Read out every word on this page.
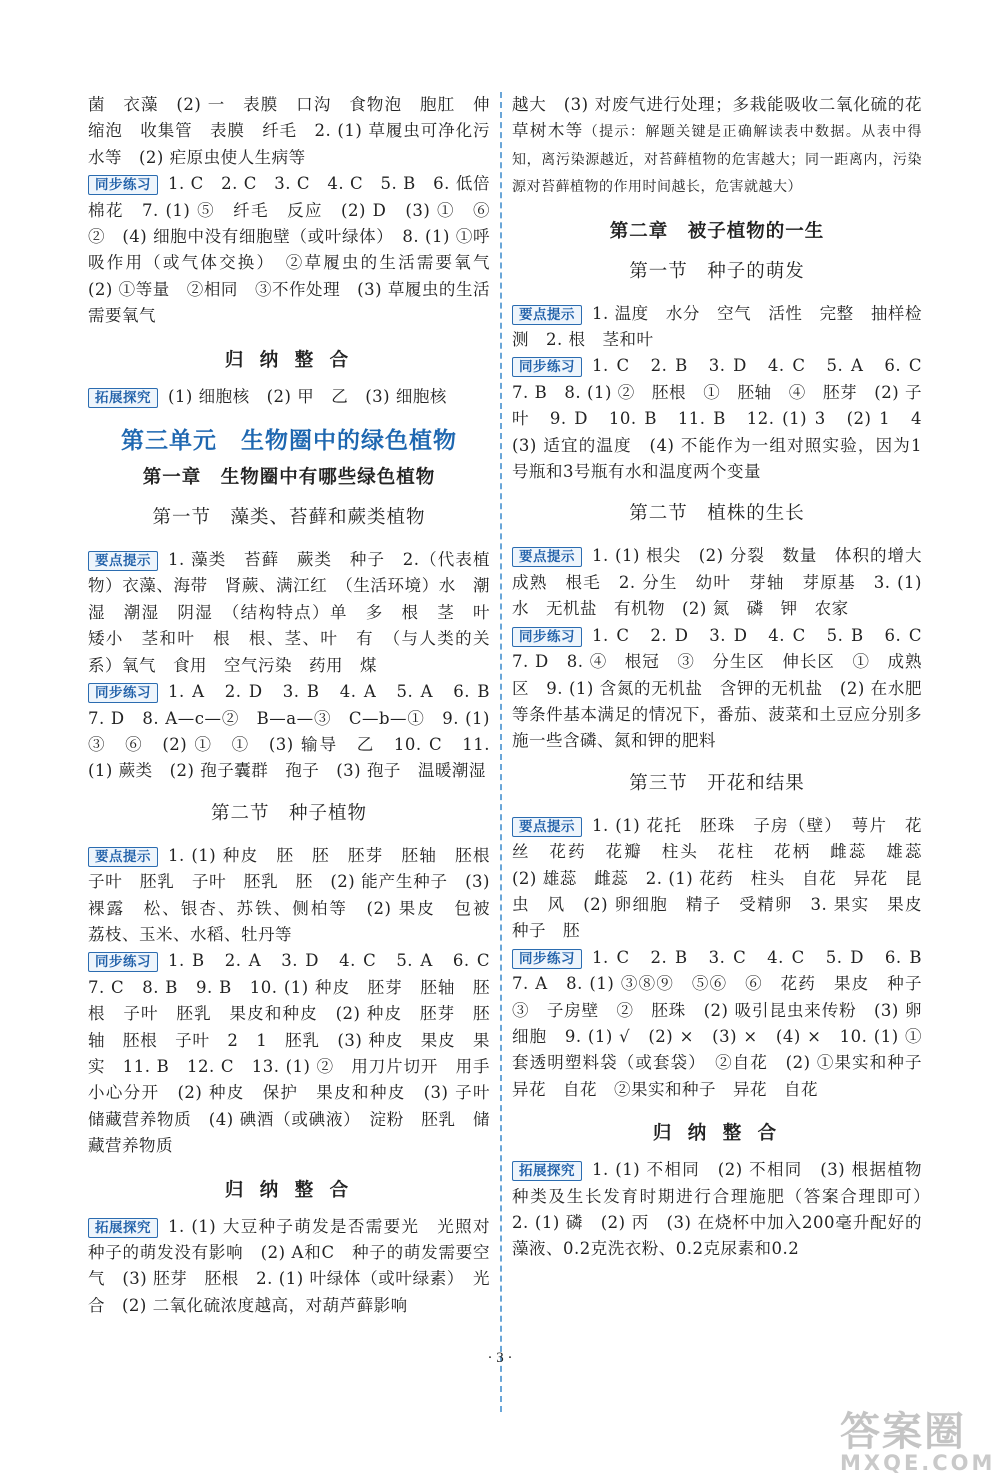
菌　衣藻　(2) 一　表膜　口沟　食物泡　胞肛　伸缩泡　收集管　表膜　纤毛　2. (1) 草履虫可净化污水等　(2) 疟原虫使人生病等

同步练习 1. C　2. C　3. C　4. C　5. B　6. 低倍　棉花　7. (1) ⑤　纤毛　反应　(2) D　(3) ①　⑥　②　(4) 细胞中没有细胞壁（或叶绿体）　8. (1) ①呼吸作用（或气体交换）　②草履虫的生活需要氧气　(2) ①等量　②相同　③不作处理　(3) 草履虫的生活需要氧气

归 纳 整 合

拓展探究 (1) 细胞核　(2) 甲　乙　(3) 细胞核

第三单元　生物圈中的绿色植物
第一章　生物圈中有哪些绿色植物
第一节　藻类、苔藓和蕨类植物

要点提示 1. 藻类　苔藓　蕨类　种子　2.（代表植物）衣藻、海带　肾蕨、满江红　（生活环境）水　潮湿　潮湿　阴湿　（结构特点）单　多　根　茎　叶　矮小　茎和叶　根　根、茎、叶　有　（与人类的关系）氧气　食用　空气污染　药用　煤

同步练习 1. A　2. D　3. B　4. A　5. A　6. B　7. D　8. A—c—②　B—a—③　C—b—①　9. (1) ③　⑥　(2) ①　①　(3) 输导　乙　10. C　11. (1) 蕨类　(2) 孢子囊群　孢子　(3) 孢子　温暖潮湿

第二节　种子植物

要点提示 1. (1) 种皮　胚　胚　胚芽　胚轴　胚根　子叶　胚乳　子叶　胚乳　胚　(2) 能产生种子　(3) 裸露　松、银杏、苏铁、侧柏等　(2) 果皮　包被　荔枝、玉米、水稻、牡丹等

同步练习 1. B　2. A　3. D　4. C　5. A　6. C　7. C　8. B　9. B　10. (1) 种皮　胚芽　胚轴　胚根　子叶　胚乳　果皮和种皮　(2) 种皮　胚芽　胚轴　胚根　子叶　2　1　胚乳　(3) 种皮　果皮　果实　11. B　12. C　13. (1) ②　用刀片切开　用手小心分开　(2) 种皮　保护　果皮和种皮　(3) 子叶　储藏营养物质　(4) 碘酒（或碘液）　淀粉　胚乳　储藏营养物质

归 纳 整 合

拓展探究 1. (1) 大豆种子萌发是否需要光　光照对种子的萌发没有影响　(2) A和C　种子的萌发需要空气　(3) 胚芽　胚根　2. (1) 叶绿体（或叶绿素）　光合　(2) 二氧化硫浓度越高，对葫芦藓影响

越大　(3) 对废气进行处理；多栽能吸收二氧化硫的花草树木等（提示：解题关键是正确解读表中数据。从表中得知，离污染源越近，对苔藓植物的危害越大；同一距离内，污染源对苔藓植物的作用时间越长，危害就越大）

第二章　被子植物的一生
第一节　种子的萌发

要点提示 1. 温度　水分　空气　活性　完整　抽样检测　2. 根　茎和叶

同步练习 1. C　2. B　3. D　4. C　5. A　6. C　7. B　8. (1) ②　胚根　①　胚轴　④　胚芽　(2) 子叶　9. D　10. B　11. B　12. (1) 3　(2) 1　4　(3) 适宜的温度　(4) 不能作为一组对照实验，因为1号瓶和3号瓶有水和温度两个变量

第二节　植株的生长

要点提示 1. (1) 根尖　(2) 分裂　数量　体积的增大　成熟　根毛　2. 分生　幼叶　芽轴　芽原基　3. (1) 水　无机盐　有机物　(2) 氮　磷　钾　农家

同步练习 1. C　2. D　3. D　4. C　5. B　6. C　7. D　8. ④　根冠　③　分生区　伸长区　①　成熟区　9. (1) 含氮的无机盐　含钾的无机盐　(2) 在水肥等条件基本满足的情况下，番茄、菠菜和土豆应分别多施一些含磷、氮和钾的肥料

第三节　开花和结果

要点提示 1. (1) 花托　胚珠　子房（壁）　萼片　花丝　花药　花瓣　柱头　花柱　花柄　雌蕊　雄蕊　(2) 雄蕊　雌蕊　2. (1) 花药　柱头　自花　异花　昆虫　风　(2) 卵细胞　精子　受精卵　3. 果实　果皮　种子　胚

同步练习 1. C　2. B　3. C　4. C　5. D　6. B　7. A　8. (1) ③⑧⑨　⑤⑥　⑥　花药　果皮　种子　③　子房壁　②　胚珠　(2) 吸引昆虫来传粉　(3) 卵细胞　9. (1) √　(2) ×　(3) ×　(4) ×　10. (1) ①套透明塑料袋（或套袋）　②自花　(2) ①果实和种子　异花　自花　②果实和种子　异花　自花

归 纳 整 合

拓展探究 1. (1) 不相同　(2) 不相同　(3) 根据植物种类及生长发育时期进行合理施肥（答案合理即可）　2. (1) 磷　(2) 丙　(3) 在烧杯中加入200毫升配好的藻液、0.2克洗衣粉、0.2克尿素和0.2

· 3 ·
答案圈
MXQE.COM
